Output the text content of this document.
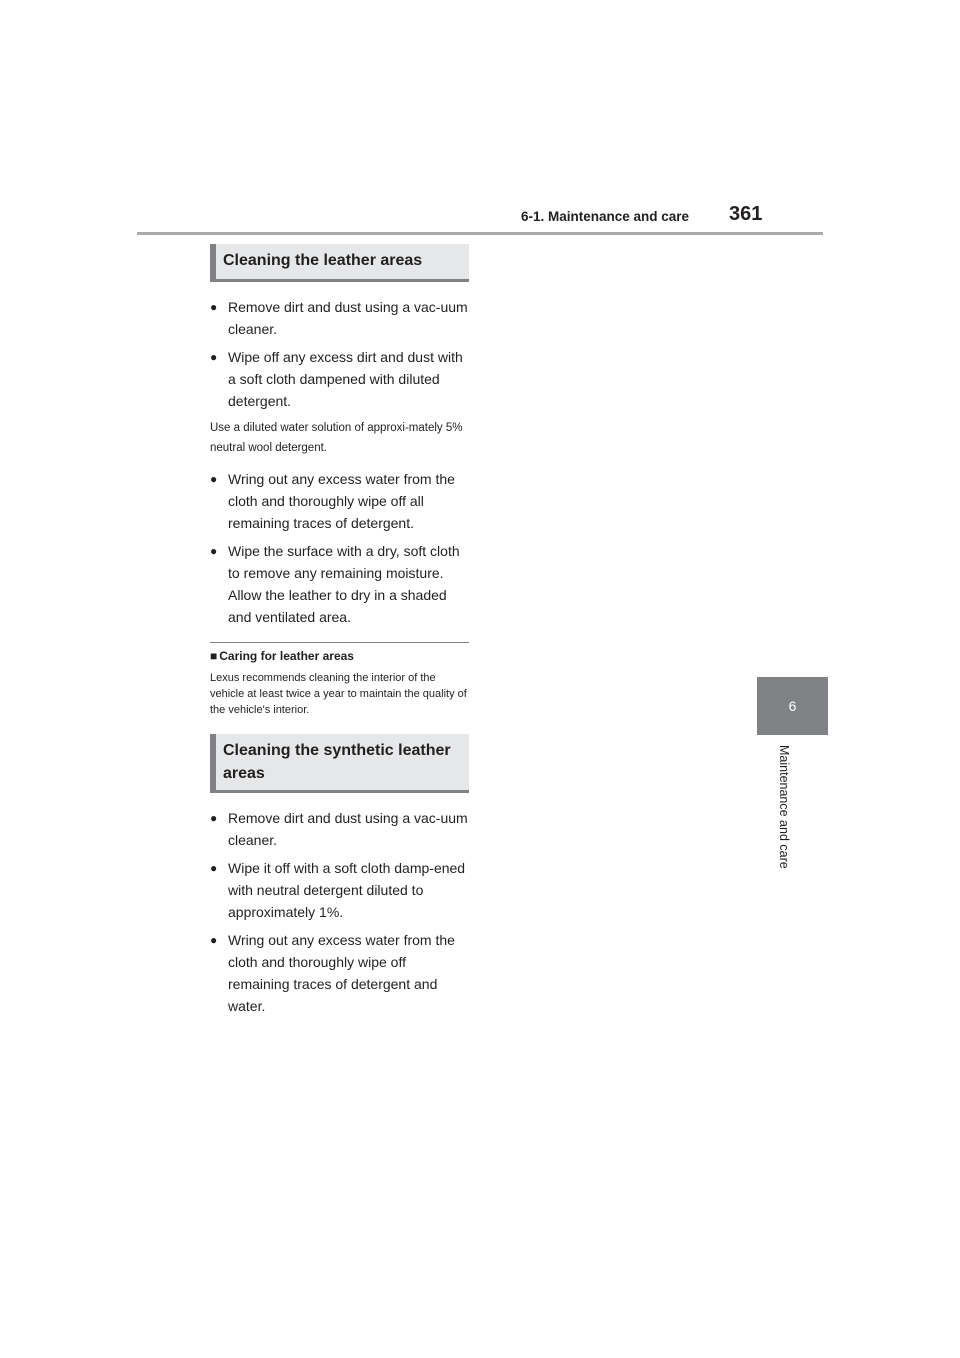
6-1. Maintenance and care 361
6
Maintenance and care
Cleaning the leather areas
● Remove dirt and dust using a vac-uum cleaner.
● Wipe off any excess dirt and dust with a soft cloth dampened with diluted detergent.
Use a diluted water solution of approxi-mately 5% neutral wool detergent.
● Wring out any excess water from the cloth and thoroughly wipe off all remaining traces of detergent.
● Wipe the surface with a dry, soft cloth to remove any remaining moisture. Allow the leather to dry in a shaded and ventilated area.
■ Caring for leather areas
Lexus recommends cleaning the interior of the vehicle at least twice a year to maintain the quality of the vehicle's interior.
Cleaning the synthetic leather areas
● Remove dirt and dust using a vac-uum cleaner.
● Wipe it off with a soft cloth damp-ened with neutral detergent diluted to approximately 1%.
● Wring out any excess water from the cloth and thoroughly wipe off remaining traces of detergent and water.
